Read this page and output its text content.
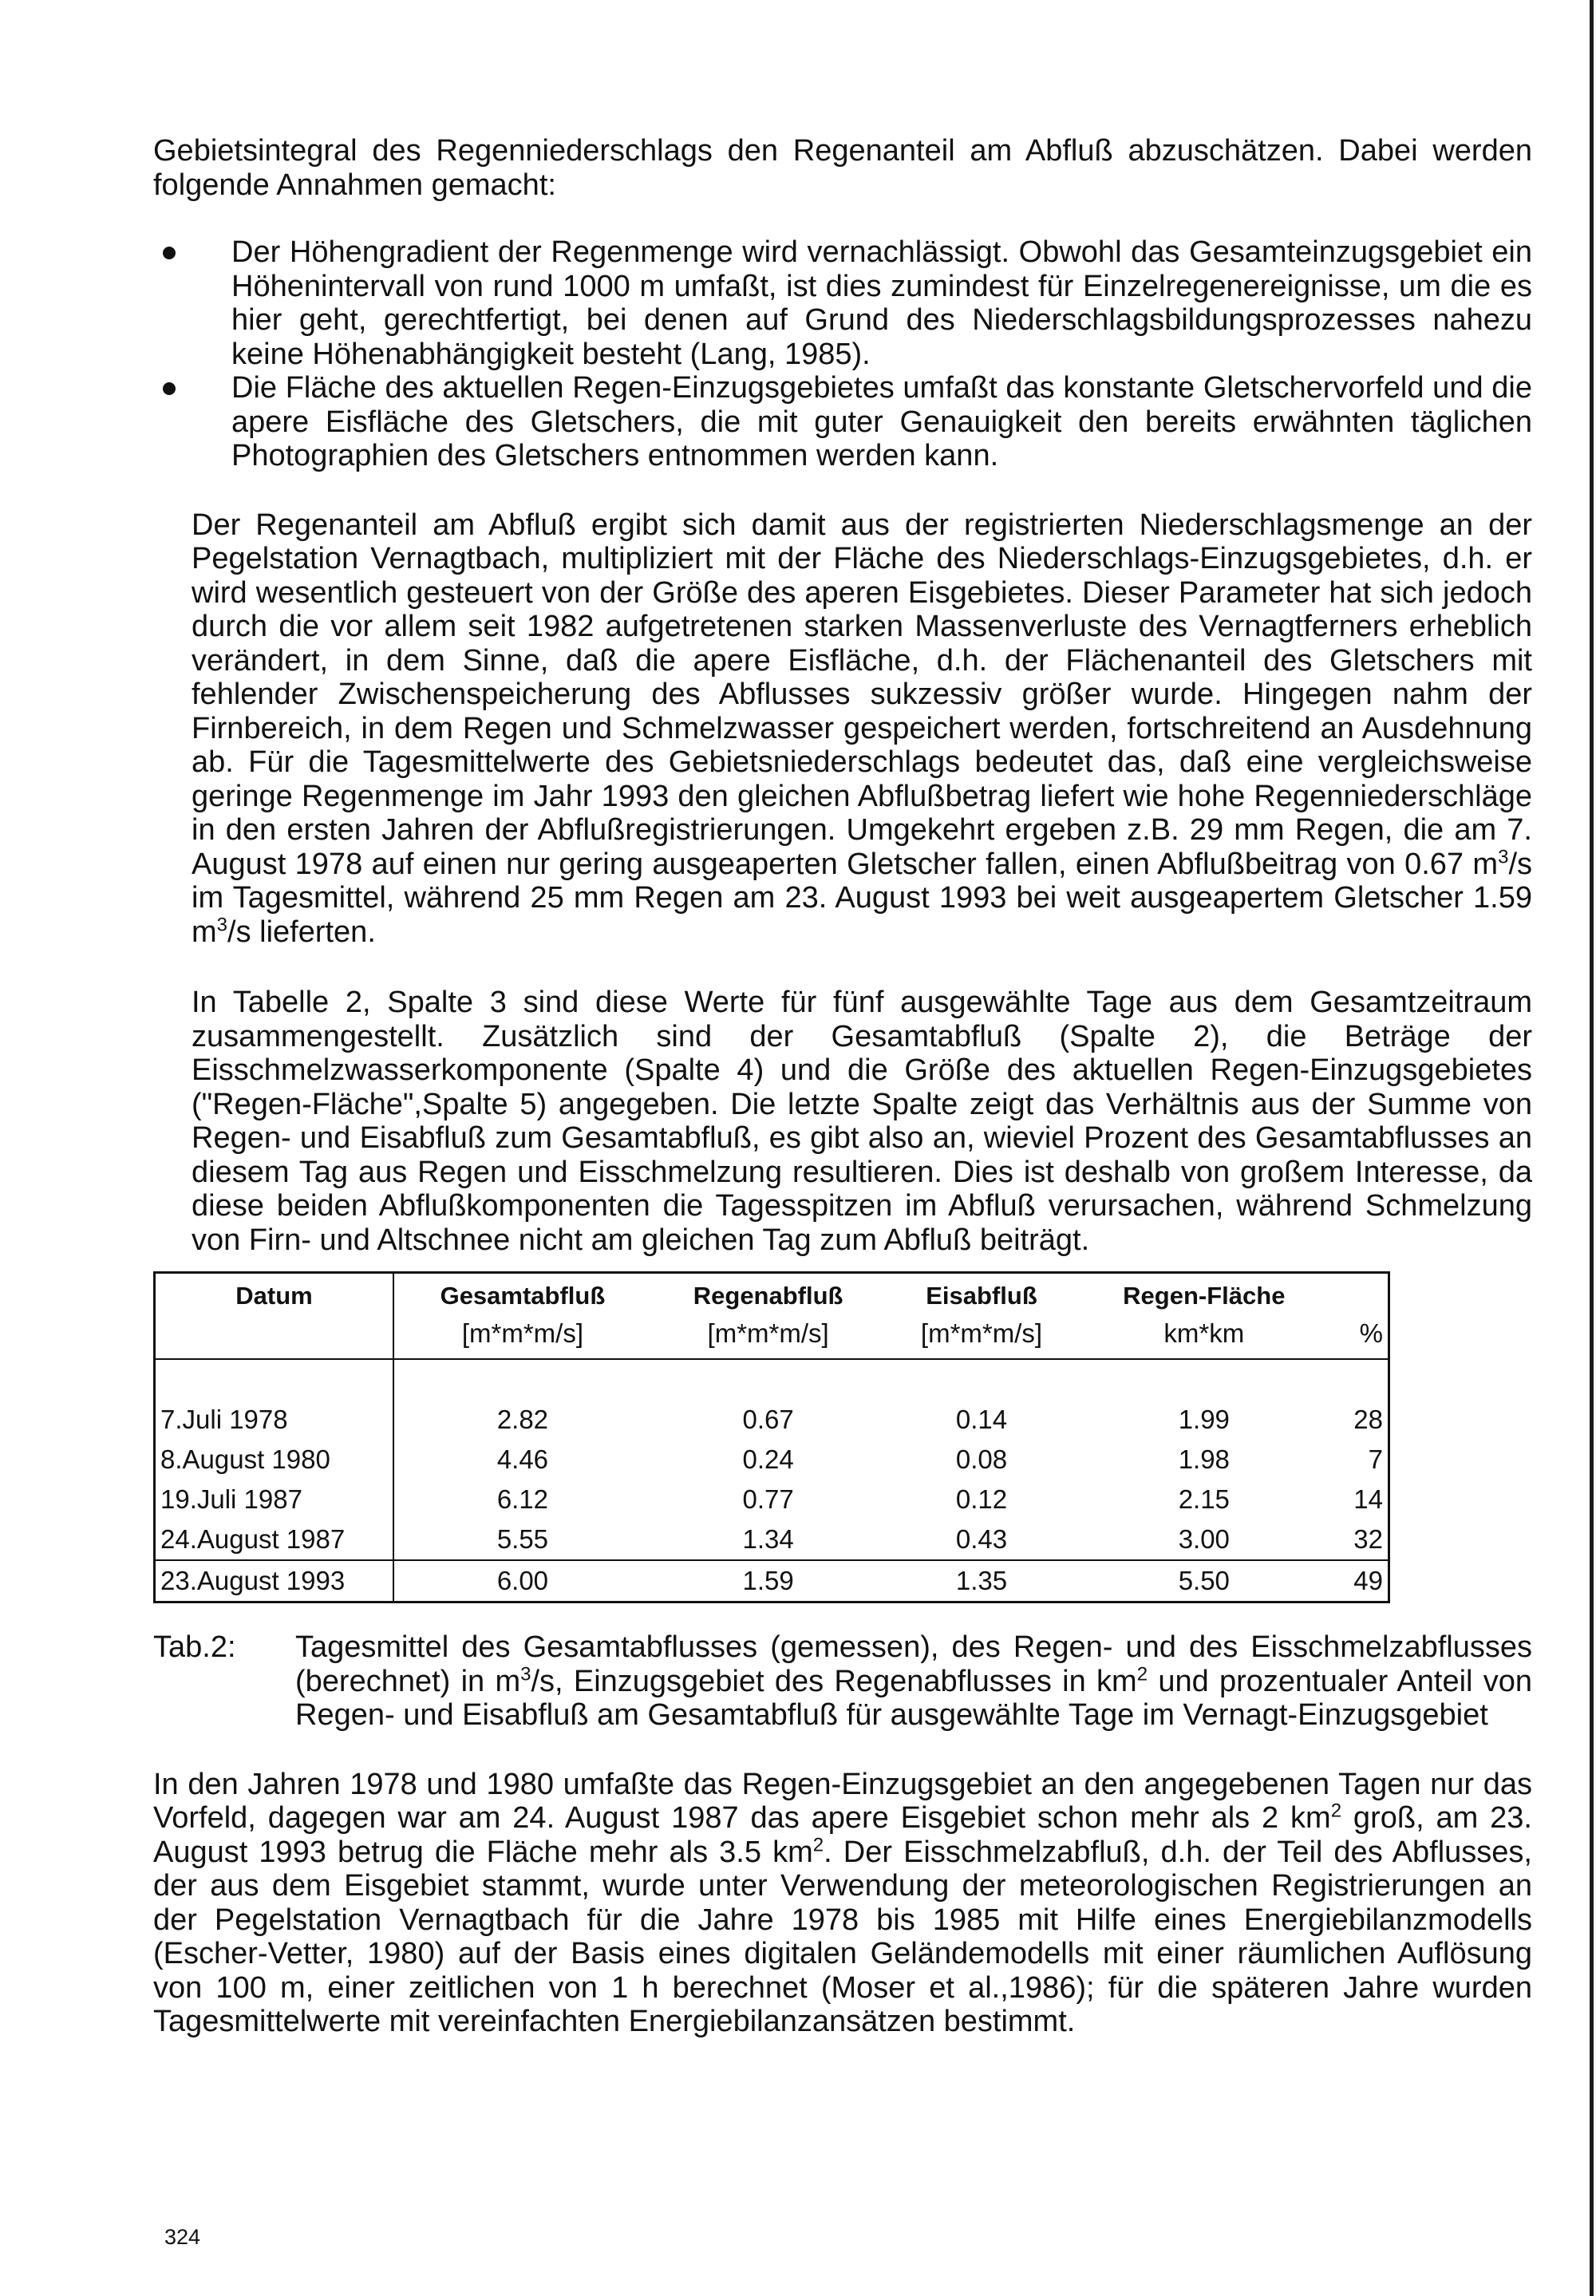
Gebietsintegral des Regenniederschlags den Regenanteil am Abfluß abzuschätzen. Dabei werden folgende Annahmen gemacht:

Der Höhengradient der Regenmenge wird vernachlässigt. Obwohl das Gesamteinzugsgebiet ein Höhenintervall von rund 1000 m umfaßt, ist dies zumindest für Einzelregenereignisse, um die es hier geht, gerechtfertigt, bei denen auf Grund des Niederschlagsbildungsprozesses nahezu keine Höhenabhängigkeit besteht (Lang, 1985).
Die Fläche des aktuellen Regen-Einzugsgebietes umfaßt das konstante Gletschervorfeld und die apere Eisfläche des Gletschers, die mit guter Genauigkeit den bereits erwähnten täglichen Photographien des Gletschers entnommen werden kann.

Der Regenanteil am Abfluß ergibt sich damit aus der registrierten Niederschlagsmenge an der Pegelstation Vernagtbach, multipliziert mit der Fläche des Niederschlags-Einzugsgebietes, d.h. er wird wesentlich gesteuert von der Größe des aperen Eisgebietes. Dieser Parameter hat sich jedoch durch die vor allem seit 1982 aufgetretenen starken Massenverluste des Vernagtferners erheblich verändert, in dem Sinne, daß die apere Eisfläche, d.h. der Flächenanteil des Gletschers mit fehlender Zwischenspeicherung des Abflusses sukzessiv größer wurde. Hingegen nahm der Firnbereich, in dem Regen und Schmelzwasser gespeichert werden, fortschreitend an Ausdehnung ab. Für die Tagesmittelwerte des Gebietsniederschlags bedeutet das, daß eine vergleichsweise geringe Regenmenge im Jahr 1993 den gleichen Abflußbetrag liefert wie hohe Regenniederschläge in den ersten Jahren der Abflußregistrierungen. Umgekehrt ergeben z.B. 29 mm Regen, die am 7. August 1978 auf einen nur gering ausgeaperten Gletscher fallen, einen Abflußbeitrag von 0.67 $m^3/s$ im Tagesmittel, während 25 mm Regen am 23. August 1993 bei weit ausgeapertem Gletscher 1.59 $m^3/s$ lieferten.

In Tabelle 2, Spalte 3 sind diese Werte für fünf ausgewählte Tage aus dem Gesamtzeitraum zusammengestellt. Zusätzlich sind der Gesamtabfluß (Spalte 2), die Beträge der Eisschmelzwasserkomponente (Spalte 4) und die Größe des aktuellen Regen-Einzugsgebietes ("Regen-Fläche",Spalte 5) angegeben. Die letzte Spalte zeigt das Verhältnis aus der Summe von Regen- und Eisabfluß zum Gesamtabfluß, es gibt also an, wieviel Prozent des Gesamtabflusses an diesem Tag aus Regen und Eisschmelzung resultieren. Dies ist deshalb von großem Interesse, da diese beiden Abflußkomponenten die Tagesspitzen im Abfluß verursachen, während Schmelzung von Firn- und Altschnee nicht am gleichen Tag zum Abfluß beiträgt.

Datum	Gesamtabfluß	Regenabfluß	Eisabfluß	Regen-Fläche	
	[m*m*m/s]	[m*m*m/s]	[m*m*m/s]	km*km	%

7.Juli 1978	2.82	0.67	0.14	1.99	28
8.August 1980	4.46	0.24	0.08	1.98	7
19.Juli 1987	6.12	0.77	0.12	2.15	14
24.August 1987	5.55	1.34	0.43	3.00	32
23.August 1993	6.00	1.59	1.35	5.50	49
Tab.2:	Tagesmittel des Gesamtabflusses (gemessen), des Regen- und des Eisschmelzabflusses (berechnet) in $m^3/s$, Einzugsgebiet des Regenabflusses in $km^2$ und prozentualer Anteil von Regen- und Eisabfluß am Gesamtabfluß für ausgewählte Tage im Vernagt-Einzugsgebiet

In den Jahren 1978 und 1980 umfaßte das Regen-Einzugsgebiet an den angegebenen Tagen nur das Vorfeld, dagegen war am 24. August 1987 das apere Eisgebiet schon mehr als 2 $km^2$ groß, am 23. August 1993 betrug die Fläche mehr als 3.5 $km^2$. Der Eisschmelzabfluß, d.h. der Teil des Abflusses, der aus dem Eisgebiet stammt, wurde unter Verwendung der meteorologischen Registrierungen an der Pegelstation Vernagtbach für die Jahre 1978 bis 1985 mit Hilfe eines Energiebilanzmodells (Escher-Vetter, 1980) auf der Basis eines digitalen Geländemodells mit einer räumlichen Auflösung von 100 m, einer zeitlichen von 1 h berechnet (Moser et al.,1986); für die späteren Jahre wurden Tagesmittelwerte mit vereinfachten Energiebilanzansätzen bestimmt.

324
